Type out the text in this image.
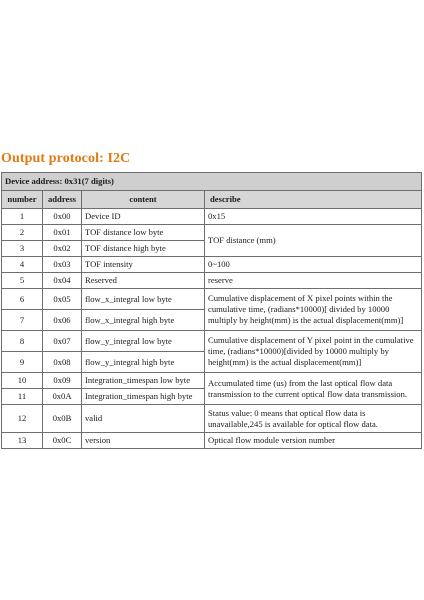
Output protocol: I2C
Device address: 0x31(7 digits)			
number	address	content	describe
1	0x00	Device ID	0x15
2	0x01	TOF distance low byte	TOF distance (mm)
3	0x02	TOF distance high byte	
4	0x03	TOF intensity	0~100
5	0x04	Reserved	reserve
6	0x05	flow_x_integral low byte	Cumulative displacement of X pixel points within the cumulative time, (radians*10000)[ divided by 10000 multiply by height(mm) is the actual displacement(mm)]
7	0x06	flow_x_integral high byte	
8	0x07	flow_y_integral low byte	Cumulative displacement of Y pixel point in the cumulative time, (radians*10000)[divided by 10000 multiply by height(mm) is the actual displacement(mm)]
9	0x08	flow_y_integral high byte	
10	0x09	Integration_timespan low byte	Accumulated time (us) from the last optical flow data transmission to the current optical flow data transmission.
11	0x0A	Integration_timespan high byte	
12	0x0B	valid	Status value: 0 means that optical flow data is unavailable,245 is available for optical flow data.
13	0x0C	version	Optical flow module version number
